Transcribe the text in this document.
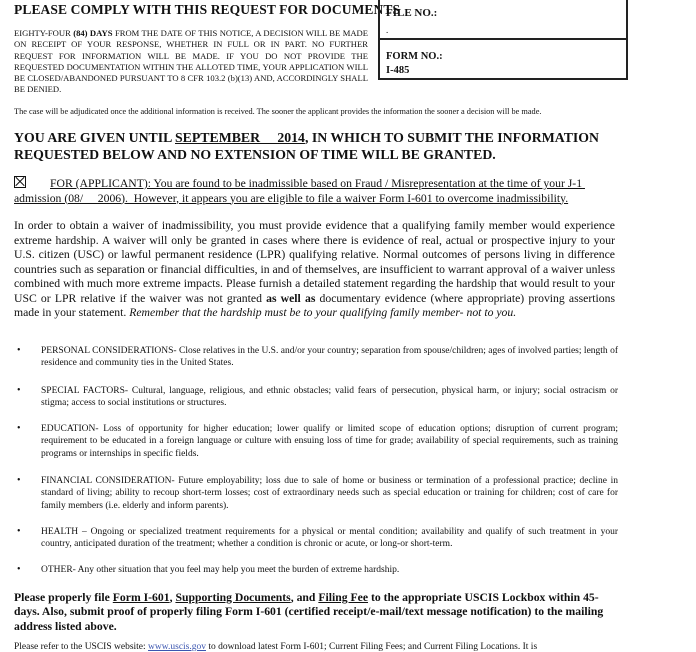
PLEASE COMPLY WITH THIS REQUEST FOR DOCUMENTS
EIGHTY-FOUR (84) DAYS FROM THE DATE OF THIS NOTICE, A DECISION WILL BE MADE ON RECEIPT OF YOUR RESPONSE, WHETHER IN FULL OR IN PART. NO FURTHER REQUEST FOR INFORMATION WILL BE MADE. IF YOU DO NOT PROVIDE THE REQUESTED DOCUMENTATION WITHIN THE ALLOTED TIME, YOUR APPLICATION WILL BE CLOSED/ABANDONED PURSUANT TO 8 CFR 103.2 (b)(13) AND, ACCORDINGLY SHALL BE DENIED.
FILE NO.:
.
FORM NO.:
I-485
The case will be adjudicated once the additional information is received. The sooner the applicant provides the information the sooner a decision will be made.
YOU ARE GIVEN UNTIL SEPTEMBER     2014, IN WHICH TO SUBMIT THE INFORMATION REQUESTED BELOW AND NO EXTENSION OF TIME WILL BE GRANTED.
FOR (APPLICANT): You are found to be inadmissible based on Fraud / Misrepresentation at the time of your J-1 admission (08/     2006).  However, it appears you are eligible to file a waiver Form I-601 to overcome inadmissibility.
In order to obtain a waiver of inadmissibility, you must provide evidence that a qualifying family member would experience extreme hardship. A waiver will only be granted in cases where there is evidence of real, actual or prospective injury to your U.S. citizen (USC) or lawful permanent residence (LPR) qualifying relative. Normal outcomes of persons living in difference countries such as separation or financial difficulties, in and of themselves, are insufficient to warrant approval of a waiver unless combined with much more extreme impacts. Please furnish a detailed statement regarding the hardship that would result to your USC or LPR relative if the waiver was not granted as well as documentary evidence (where appropriate) proving assertions made in your statement. Remember that the hardship must be to your qualifying family member- not to you.
• PERSONAL CONSIDERATIONS- Close relatives in the U.S. and/or your country; separation from spouse/children; ages of involved parties; length of residence and community ties in the United States.
• SPECIAL FACTORS- Cultural, language, religious, and ethnic obstacles; valid fears of persecution, physical harm, or injury; social ostracism or stigma; access to social institutions or structures.
• EDUCATION- Loss of opportunity for higher education; lower qualify or limited scope of education options; disruption of current program; requirement to be educated in a foreign language or culture with ensuing loss of time for grade; availability of special requirements, such as training programs or internships in specific fields.
• FINANCIAL CONSIDERATION- Future employability; loss due to sale of home or business or termination of a professional practice; decline in standard of living; ability to recoup short-term losses; cost of extraordinary needs such as special education or training for children; cost of care for family members (i.e. elderly and inform parents).
• HEALTH – Ongoing or specialized treatment requirements for a physical or mental condition; availability and qualify of such treatment in your country, anticipated duration of the treatment; whether a condition is chronic or acute, or long-or short-term.
• OTHER- Any other situation that you feel may help you meet the burden of extreme hardship.
Please properly file Form I-601, Supporting Documents, and Filing Fee to the appropriate USCIS Lockbox within 45-days. Also, submit proof of properly filing Form I-601 (certified receipt/e-mail/text message notification) to the mailing address listed above.
Please refer to the USCIS website: www.uscis.gov to download latest Form I-601; Current Filing Fees; and Current Filing Locations. It is
